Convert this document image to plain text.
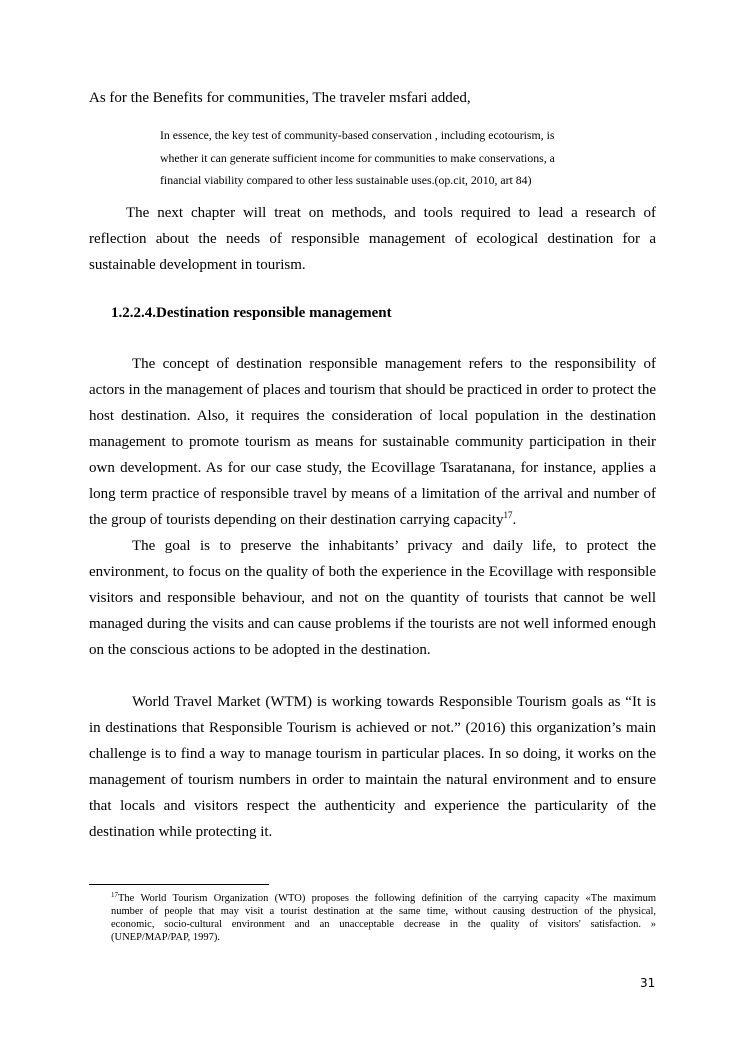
As for the Benefits for communities, The traveler msfari added,
In essence, the key test of community-based conservation , including ecotourism, is
whether it can generate sufficient income for communities to make conservations, a
financial viability compared to other less sustainable uses.(op.cit, 2010, art 84)
The next chapter will treat on methods, and tools required to lead a research of
reflection about the needs of responsible management of ecological destination for a
sustainable development in tourism.
1.2.2.4.Destination responsible management
The concept of destination responsible management refers to the responsibility of
actors in the management of places and tourism that should be practiced in order to protect the
host destination. Also, it requires the consideration of local population in the destination
management to promote tourism as means for sustainable community participation in their
own development. As for our case study, the Ecovillage Tsaratanana, for instance, applies a
long term practice of responsible travel by means of a limitation of the arrival and number of
the group of tourists depending on their destination carrying capacity$^{17}$.
The goal is to preserve the inhabitants’ privacy and daily life, to protect the
environment, to focus on the quality of both the experience in the Ecovillage with responsible
visitors and responsible behaviour, and not on the quantity of tourists that cannot be well
managed during the visits and can cause problems if the tourists are not well informed enough
on the conscious actions to be adopted in the destination.
World Travel Market (WTM) is working towards Responsible Tourism goals as “It is
in destinations that Responsible Tourism is achieved or not.” (2016) this organization’s main
challenge is to find a way to manage tourism in particular places. In so doing, it works on the
management of tourism numbers in order to maintain the natural environment and to ensure
that locals and visitors respect the authenticity and experience the particularity of the
destination while protecting it.
$^{17}$The World Tourism Organization (WTO) proposes the following definition of the carrying capacity «The maximum
number of people that may visit a tourist destination at the same time, without causing destruction of the physical,
economic, socio-cultural environment and an unacceptable decrease in the quality of visitors' satisfaction. »
(UNEP/MAP/PAP, 1997).
31
